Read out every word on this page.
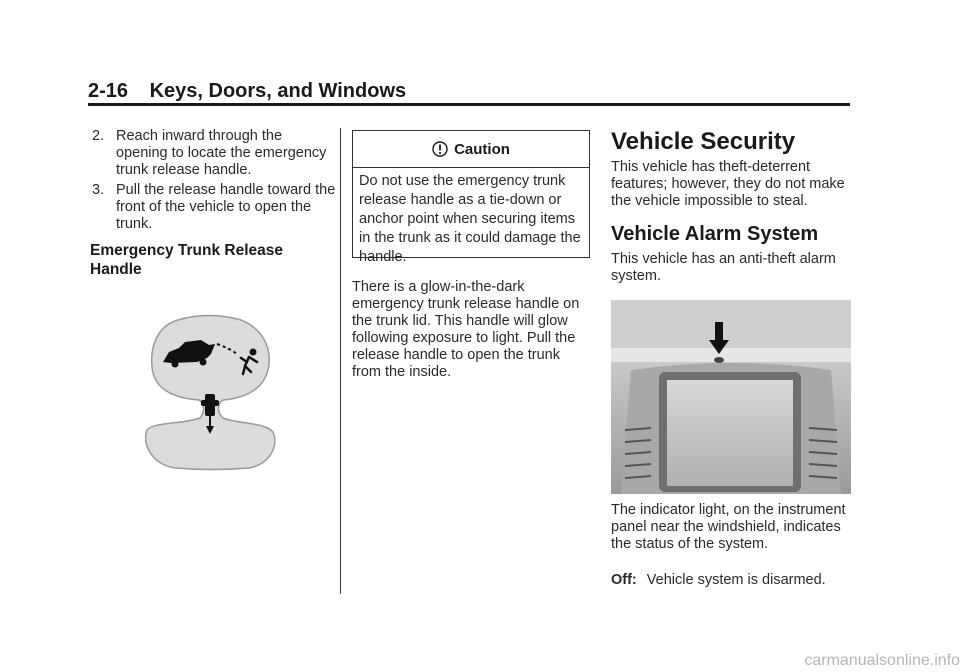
2-16 Keys, Doors, and Windows
2. Reach inward through the opening to locate the emergency trunk release handle.
3. Pull the release handle toward the front of the vehicle to open the trunk.
Emergency Trunk Release Handle
Caution
Do not use the emergency trunk release handle as a tie-down or anchor point when securing items in the trunk as it could damage the handle.
There is a glow-in-the-dark emergency trunk release handle on the trunk lid. This handle will glow following exposure to light. Pull the release handle to open the trunk from the inside.
Vehicle Security
This vehicle has theft-deterrent features; however, they do not make the vehicle impossible to steal.
Vehicle Alarm System
This vehicle has an anti-theft alarm system.
The indicator light, on the instrument panel near the windshield, indicates the status of the system.
Off: Vehicle system is disarmed.
carmanualsonline.info
